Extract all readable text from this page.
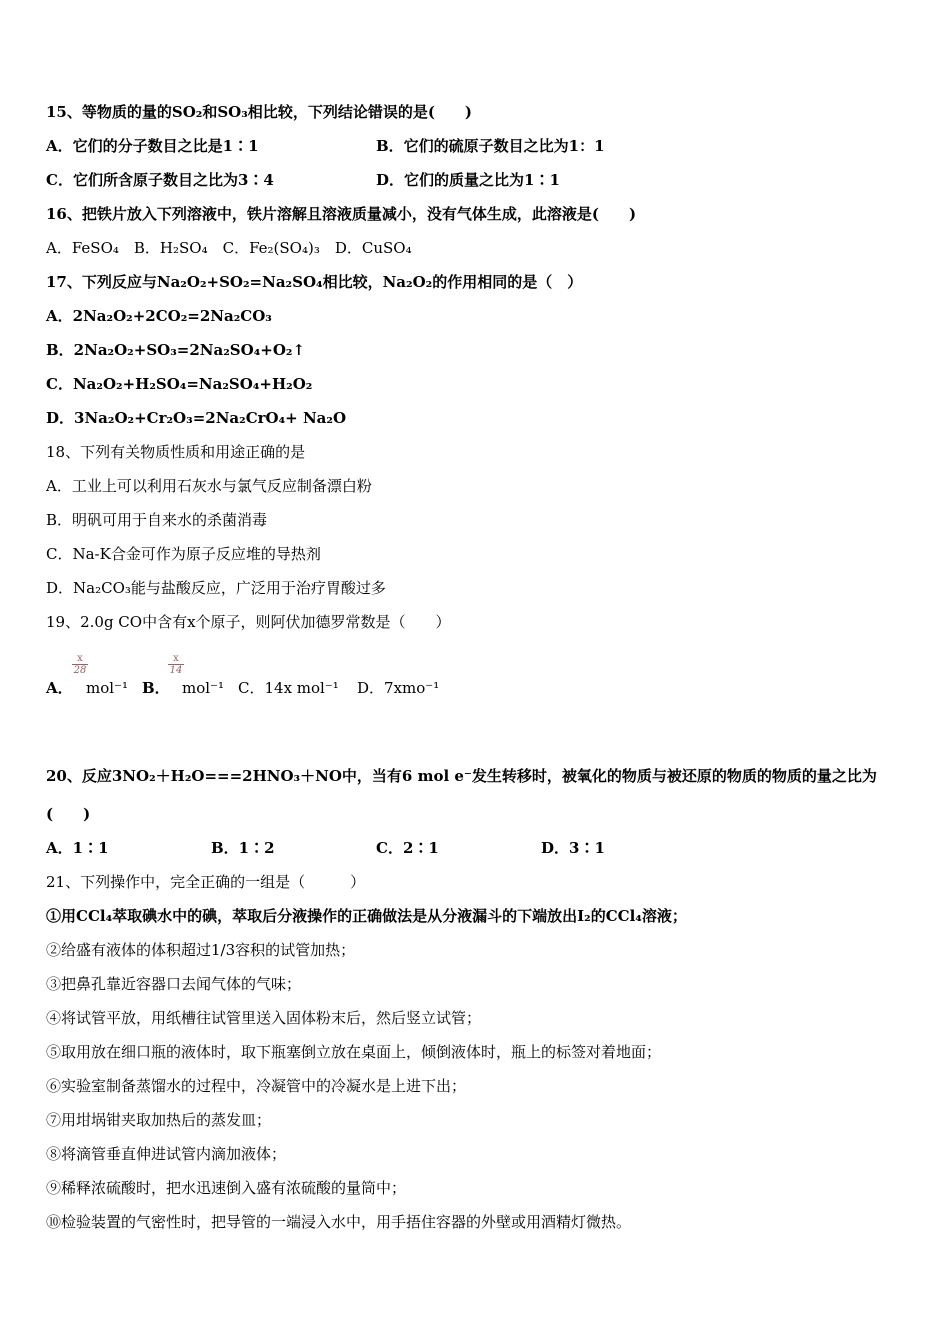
15、等物质的量的SO₂和SO₃相比较，下列结论错误的是(　　)
A．它们的分子数目之比是1∶1	B．它们的硫原子数目之比为1：1
C．它们所含原子数目之比为3∶4	D．它们的质量之比为1∶1
16、把铁片放入下列溶液中，铁片溶解且溶液质量减小，没有气体生成，此溶液是(　　)
A．FeSO₄　B．H₂SO₄　C．Fe₂(SO₄)₃　D．CuSO₄
17、下列反应与Na₂O₂+SO₂=Na₂SO₄相比较，Na₂O₂的作用相同的是（　）
A．2Na₂O₂+2CO₂=2Na₂CO₃
B．2Na₂O₂+SO₃=2Na₂SO₄+O₂↑
C．Na₂O₂+H₂SO₄=Na₂SO₄+H₂O₂
D．3Na₂O₂+Cr₂O₃=2Na₂CrO₄+ Na₂O
18、下列有关物质性质和用途正确的是
A．工业上可以利用石灰水与氯气反应制备漂白粉
B．明矾可用于自来水的杀菌消毒
C．Na-K合金可作为原子反应堆的导热剂
D．Na₂CO₃能与盐酸反应，广泛用于治疗胃酸过多
19、2.0g CO中含有x个原子，则阿伏加德罗常数是（　　）
A．
$\frac{x}{28}$
mol⁻¹ B．
$\frac{x}{14}$
mol⁻¹ C．14x mol⁻¹ D．7xmo⁻¹
20、反应3NO₂＋H₂O===2HNO₃＋NO中，当有6 mol e⁻发生转移时，被氧化的物质与被还原的物质的物质的量之比为
(　　)
A．1∶1	B．1∶2	C．2∶1	D．3∶1
21、下列操作中，完全正确的一组是（　　　）
①用CCl₄萃取碘水中的碘，萃取后分液操作的正确做法是从分液漏斗的下端放出I₂的CCl₄溶液；
②给盛有液体的体积超过1/3容积的试管加热；
③把鼻孔靠近容器口去闻气体的气味；
④将试管平放，用纸槽往试管里送入固体粉末后，然后竖立试管；
⑤取用放在细口瓶的液体时，取下瓶塞倒立放在桌面上，倾倒液体时，瓶上的标签对着地面；
⑥实验室制备蒸馏水的过程中，冷凝管中的冷凝水是上进下出；
⑦用坩埚钳夹取加热后的蒸发皿；
⑧将滴管垂直伸进试管内滴加液体；
⑨稀释浓硫酸时，把水迅速倒入盛有浓硫酸的量筒中；
⑩检验装置的气密性时，把导管的一端浸入水中，用手捂住容器的外壁或用酒精灯微热。
